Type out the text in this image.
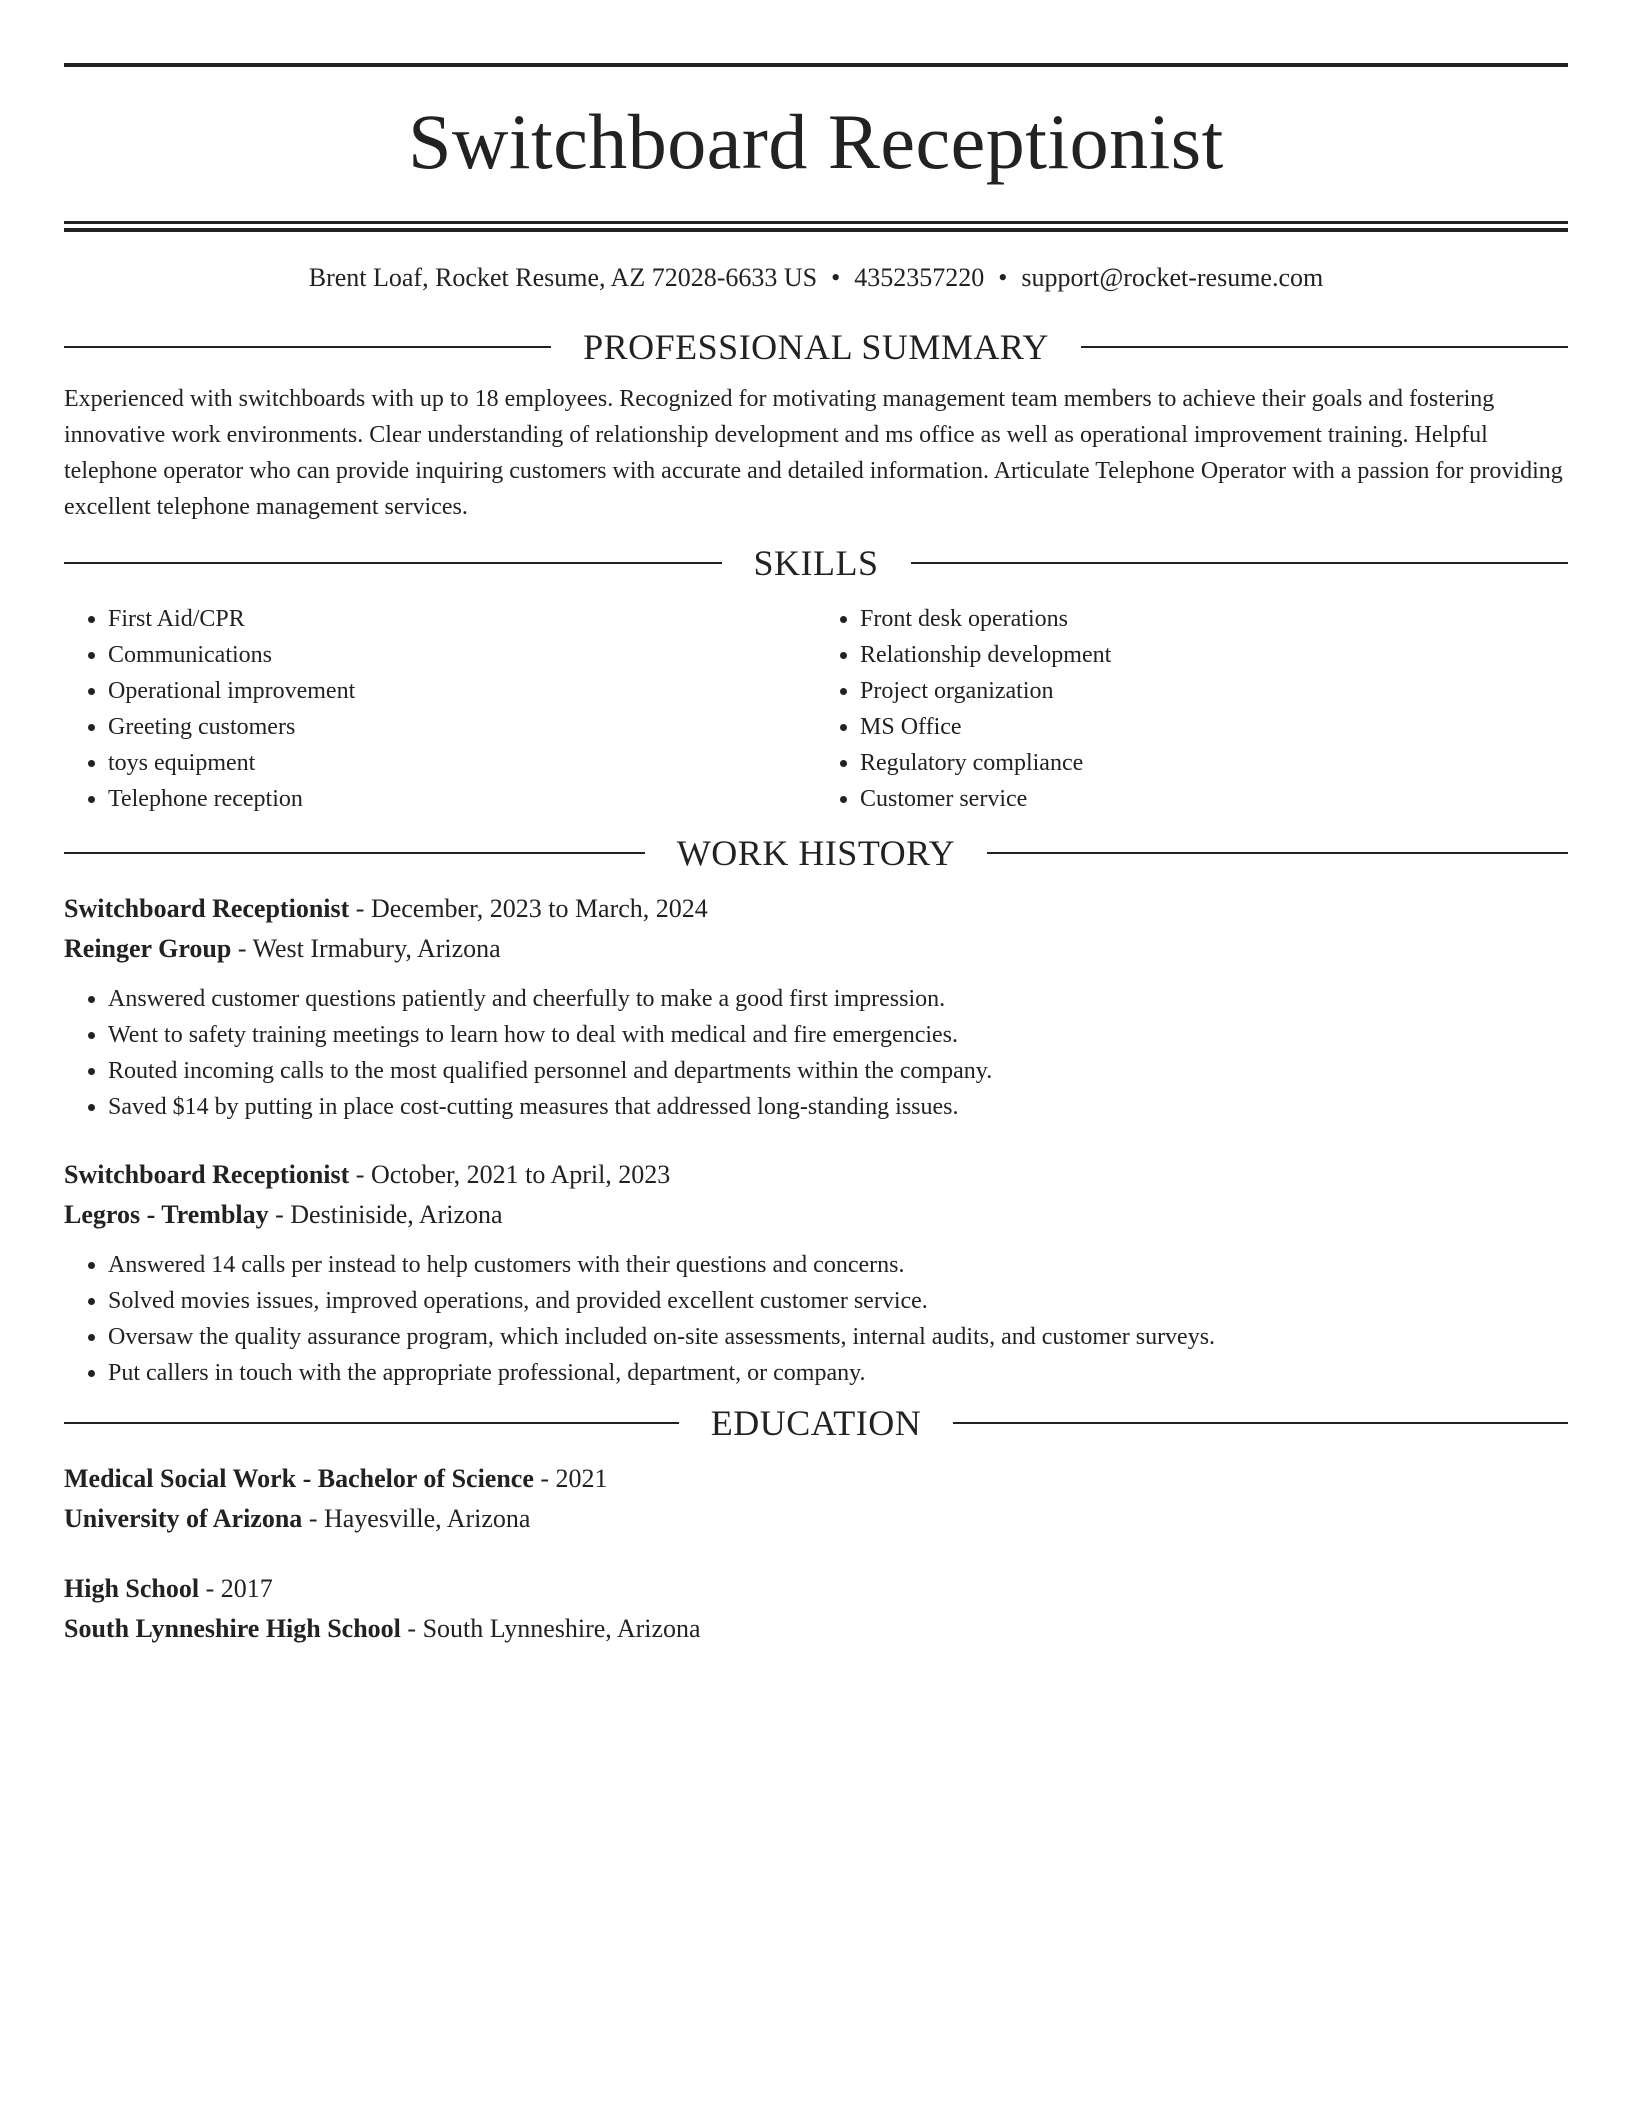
Switchboard Receptionist
Brent Loaf, Rocket Resume, AZ 72028-6633 US • 4352357220 • support@rocket-resume.com
PROFESSIONAL SUMMARY

Experienced with switchboards with up to 18 employees. Recognized for motivating management team members to achieve their goals and fostering innovative work environments. Clear understanding of relationship development and ms office as well as operational improvement training. Helpful telephone operator who can provide inquiring customers with accurate and detailed information. Articulate Telephone Operator with a passion for providing excellent telephone management services.

SKILLS
• First Aid/CPR
• Communications
• Operational improvement
• Greeting customers
• toys equipment
• Telephone reception
• Front desk operations
• Relationship development
• Project organization
• MS Office
• Regulatory compliance
• Customer service
WORK HISTORY

Switchboard Receptionist - December, 2023 to March, 2024

Reinger Group - West Irmabury, Arizona

• Answered customer questions patiently and cheerfully to make a good first impression.
• Went to safety training meetings to learn how to deal with medical and fire emergencies.
• Routed incoming calls to the most qualified personnel and departments within the company.
• Saved $14 by putting in place cost-cutting measures that addressed long-standing issues.

Switchboard Receptionist - October, 2021 to April, 2023

Legros - Tremblay - Destiniside, Arizona

• Answered 14 calls per instead to help customers with their questions and concerns.
• Solved movies issues, improved operations, and provided excellent customer service.
• Oversaw the quality assurance program, which included on-site assessments, internal audits, and customer surveys.
• Put callers in touch with the appropriate professional, department, or company.
EDUCATION

Medical Social Work - Bachelor of Science - 2021

University of Arizona - Hayesville, Arizona

High School - 2017

South Lynneshire High School - South Lynneshire, Arizona
